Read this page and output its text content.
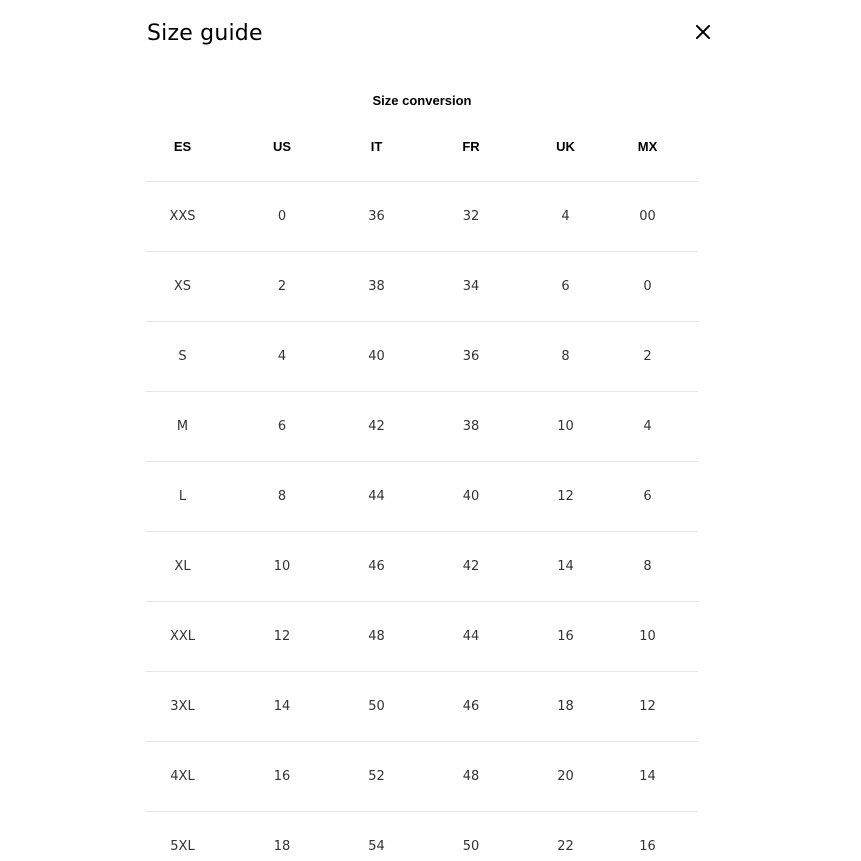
Size guide
Size conversion
ES	US	IT	FR	UK	MX
XXS	0	36	32	4	00
XS	2	38	34	6	0
S	4	40	36	8	2
M	6	42	38	10	4
L	8	44	40	12	6
XL	10	46	42	14	8
XXL	12	48	44	16	10
3XL	14	50	46	18	12
4XL	16	52	48	20	14
5XL	18	54	50	22	16
